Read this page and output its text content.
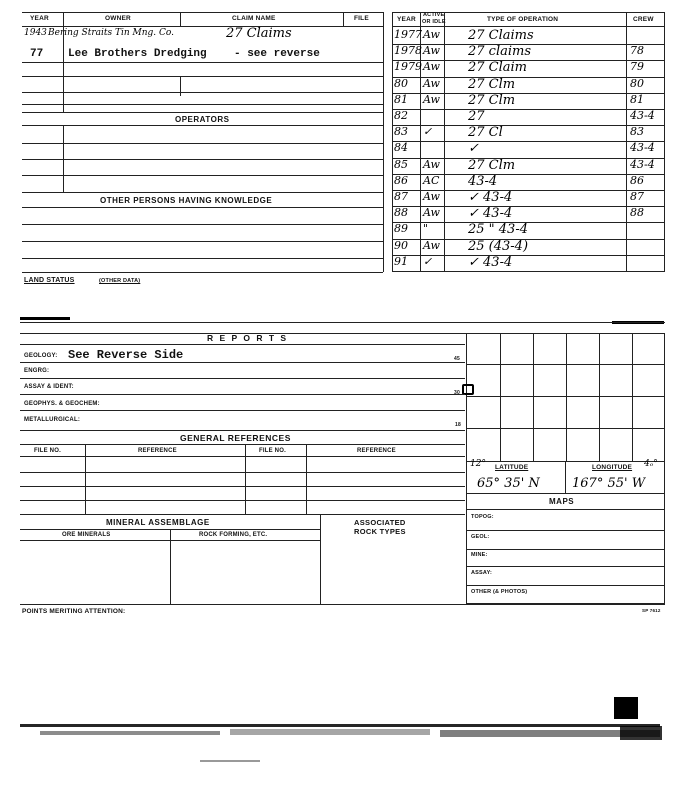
YEAR	OWNER	CLAIM NAME	FILE
1943 Bering Straits Tin Mng. Co.	27 Claims
77 Lee Brothers Dredging - see reverse
OPERATORS
OTHER PERSONS HAVING KNOWLEDGE
YEAR
ACTIVE
OR IDLE	TYPE OF OPERATION	CREW
1977 Aw 27 Claims
1978 Aw 27 claims	78
1979 Aw 27 Claim	79
80 Aw 27 Clm	80
81 Aw 27 Clm	81
82	27	43-4
83 ✓	27 Cl	83
84	✓	43-4
85 Aw 27 Clm	43-4
86 AC 43-4	86
87 Aw ✓ 43-4	87
88 Aw ✓ 43-4	88
89 "	25 " 43-4
90 Aw 25 (43-4)
91 ✓	✓ 43-4
LAND STATUS	(OTHER DATA)
R E P O R T S
GEOLOGY: See Reverse Side	45
ENGRG:
ASSAY & IDENT:
30
GEOPHYS. & GEOCHEM:
METALLURGICAL:
18
GENERAL REFERENCES
FILE NO.	REFERENCE	FILE NO.	REFERENCE
12° LATITUDE	LONGITUDE 4ₒ°
65° 35' N 167° 55' W
MAPS
TOPOG:
GEOL:
MINE:
ASSAY:
OTHER (& PHOTOS)
MINERAL ASSEMBLAGE
ORE MINERALS	ROCK FORMING, ETC.
ASSOCIATED
ROCK TYPES
POINTS MERITING ATTENTION:	SP 7612
